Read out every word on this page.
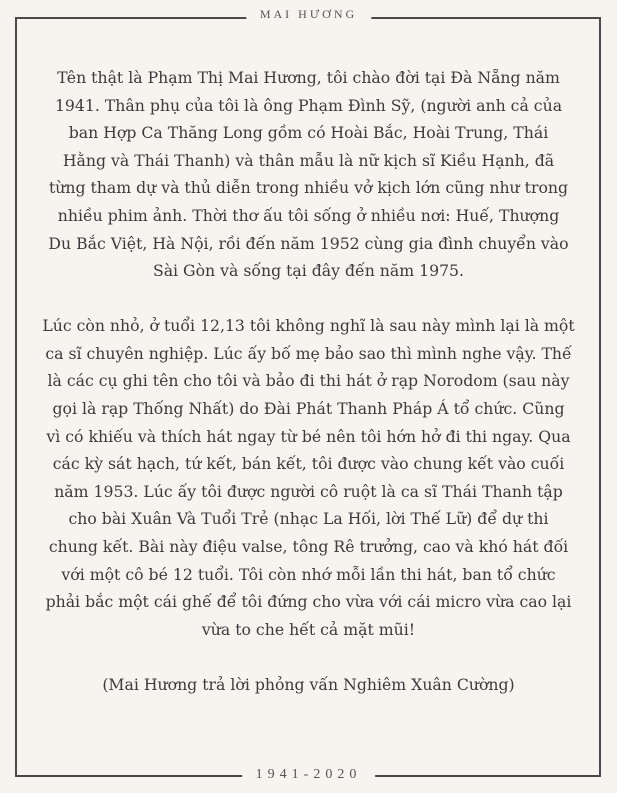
MAI HƯƠNG

Tên thật là Phạm Thị Mai Hương, tôi chào đời tại Đà Nẵng năm

1941. Thân phụ của tôi là ông Phạm Đình Sỹ, (người anh cả của

ban Hợp Ca Thăng Long gồm có Hoài Bắc, Hoài Trung, Thái

Hằng và Thái Thanh) và thân mẫu là nữ kịch sĩ Kiều Hạnh, đã

từng tham dự và thủ diễn trong nhiều vở kịch lớn cũng như trong

nhiều phim ảnh. Thời thơ ấu tôi sống ở nhiều nơi: Huế, Thượng

Du Bắc Việt, Hà Nội, rồi đến năm 1952 cùng gia đình chuyển vào

Sài Gòn và sống tại đây đến năm 1975.

Lúc còn nhỏ, ở tuổi 12,13 tôi không nghĩ là sau này mình lại là một

ca sĩ chuyên nghiệp. Lúc ấy bố mẹ bảo sao thì mình nghe vậy. Thế

là các cụ ghi tên cho tôi và bảo đi thi hát ở rạp Norodom (sau này

gọi là rạp Thống Nhất) do Đài Phát Thanh Pháp Á tổ chức. Cũng

vì có khiếu và thích hát ngay từ bé nên tôi hớn hở đi thi ngay. Qua

các kỳ sát hạch, tứ kết, bán kết, tôi được vào chung kết vào cuối

năm 1953. Lúc ấy tôi được người cô ruột là ca sĩ Thái Thanh tập

cho bài Xuân Và Tuổi Trẻ (nhạc La Hối, lời Thế Lữ) để dự thi

chung kết. Bài này điệu valse, tông Rê trưởng, cao và khó hát đối

với một cô bé 12 tuổi. Tôi còn nhớ mỗi lần thi hát, ban tổ chức

phải bắc một cái ghế để tôi đứng cho vừa với cái micro vừa cao lại

vừa to che hết cả mặt mũi!

(Mai Hương trả lời phỏng vấn Nghiêm Xuân Cường)

1941-2020
